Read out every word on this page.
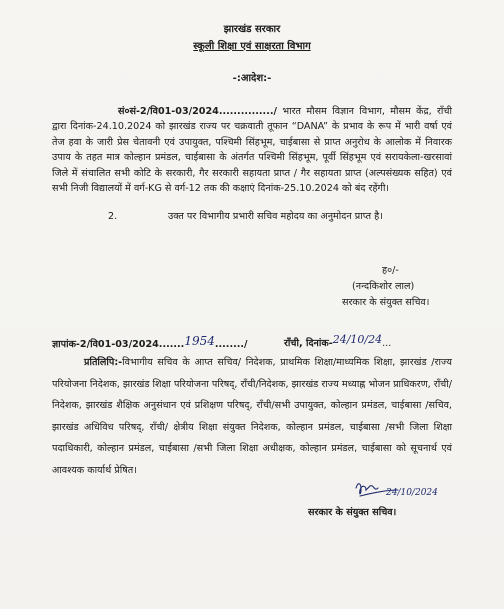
झारखंड सरकार
स्कूली शिक्षा एवं साक्षरता विभाग
-:आदेश:-
सं०सं-2/वि01-03/2024.............../ भारत मौसम विज्ञान विभाग, मौसम केंद्र, राँची द्वारा दिनांक-24.10.2024 को झारखंड राज्य पर चक्रवाती तूफान “DANA” के प्रभाव के रूप में भारी वर्षा एवं तेज हवा के जारी प्रेस चेतावनी एवं उपायुक्त, पश्चिमी सिंहभूम, चाईबासा से प्राप्त अनुरोध के आलोक में निवारक उपाय के तहत मात्र कोल्हान प्रमंडल, चाईबासा के अंतर्गत पश्चिमी सिंहभूम, पूर्वी सिंहभूम एवं सरायकेला-खरसावां जिले में संचालित सभी कोटि के सरकारी, गैर सरकारी सहायता प्राप्त / गैर सहायता प्राप्त (अल्पसंख्यक सहित) एवं सभी निजी विद्यालयों में वर्ग-KG से वर्ग-12 तक की कक्षाएं दिनांक-25.10.2024 को बंद रहेंगी।
2.	उक्त पर विभागीय प्रभारी सचिव महोदय का अनुमोदन प्राप्त है।
ह०/-
(नन्दकिशोर लाल)
सरकार के संयुक्त सचिव।
ज्ञापांक-2/वि01-03/2024.......1954......../	राँची, दिनांक-24/10/24...
प्रतिलिपि:-विभागीय सचिव के आप्त सचिव/ निदेशक, प्राथमिक शिक्षा/माध्यमिक शिक्षा, झारखंड /राज्य परियोजना निदेशक, झारखंड शिक्षा परियोजना परिषद्, राँची/निदेशक, झारखंड राज्य मध्याह्न भोजन प्राधिकरण, राँची/निदेशक, झारखंड शैक्षिक अनुसंधान एवं प्रशिक्षण परिषद्, राँची/सभी उपायुक्त, कोल्हान प्रमंडल, चाईबासा /सचिव, झारखंड अधिविध परिषद्, राँची/ क्षेत्रीय शिक्षा संयुक्त निदेशक, कोल्हान प्रमंडल, चाईबासा /सभी जिला शिक्षा पदाधिकारी, कोल्हान प्रमंडल, चाईबासा /सभी जिला शिक्षा अधीक्षक, कोल्हान प्रमंडल, चाईबासा को सूचनार्थ एवं आवश्यक कार्यार्थ प्रेषित।
24/10/2024
सरकार के संयुक्त सचिव।
